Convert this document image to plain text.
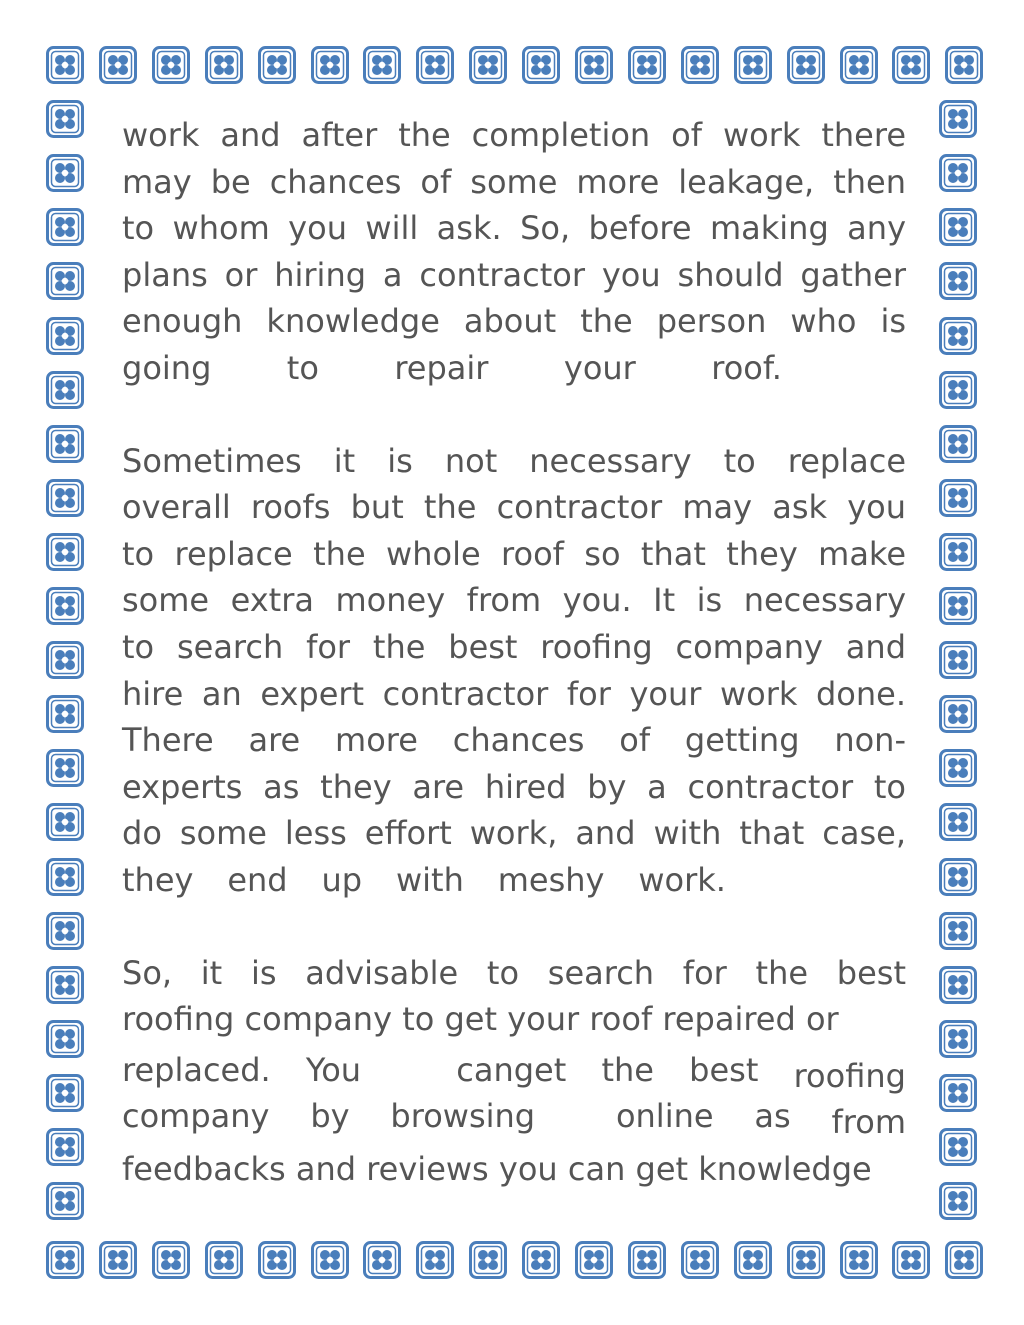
work and after the completion of work there

may be chances of some more leakage, then

to whom you will ask. So, before making any

plans or hiring a contractor you should gather

enough knowledge about the person who is

going to repair your roof.

Sometimes it is not necessary to replace

overall roofs but the contractor may ask you

to replace the whole roof so that they make

some extra money from you. It is necessary

to search for the best roofing company and

hire an expert contractor for your work done.

There are more chances of getting non-

experts as they are hired by a contractor to

do some less effort work, and with that case,

they end up with meshy work.

So, it is advisable to search for the best

roofing company to get your roof repaired or

replaced. You	canget the best roofing
company by browsing	online as from

feedbacks and reviews you can get knowledge
